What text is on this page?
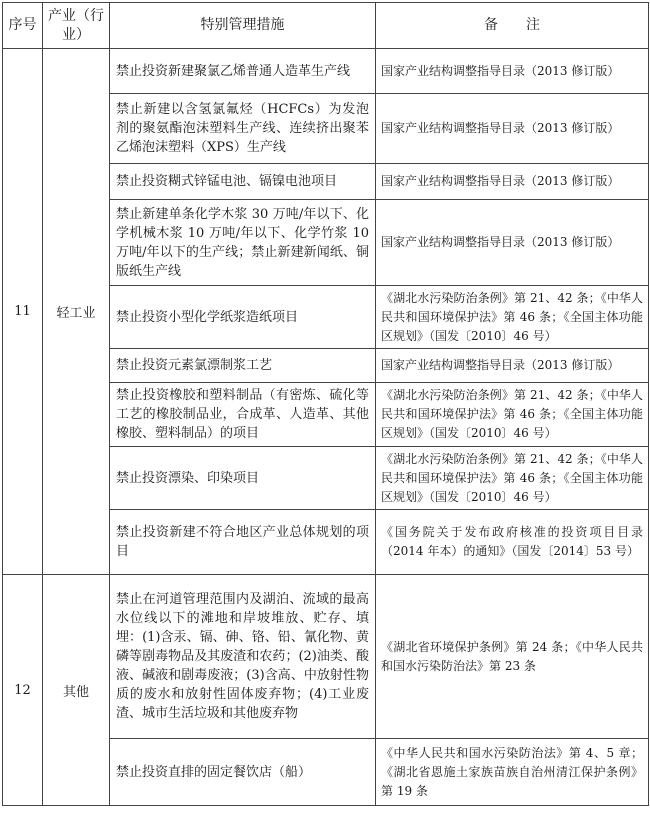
序号	产业（行业）	特别管理措施	备　　注
11	轻工业	禁止投资新建聚氯乙烯普通人造革生产线	国家产业结构调整指导目录（2013 修订版）
		禁止新建以含氢氯氟烃（HCFCs）为发泡剂的聚氨酯泡沫塑料生产线、连续挤出聚苯乙烯泡沫塑料（XPS）生产线	国家产业结构调整指导目录（2013 修订版）
		禁止投资糊式锌锰电池、镉镍电池项目	国家产业结构调整指导目录（2013 修订版）
		禁止新建单条化学木浆 30 万吨/年以下、化学机械木浆 10 万吨/年以下、化学竹浆 10 万吨/年以下的生产线；禁止新建新闻纸、铜版纸生产线	国家产业结构调整指导目录（2013 修订版）
		禁止投资小型化学纸浆造纸项目	《湖北水污染防治条例》第 21、42 条；《中华人民共和国环境保护法》第 46 条；《全国主体功能区规划》（国发〔2010〕46 号）
		禁止投资元素氯漂制浆工艺	国家产业结构调整指导目录（2013 修订版）
		禁止投资橡胶和塑料制品（有密炼、硫化等工艺的橡胶制品业，合成革、人造革、其他橡胶、塑料制品）的项目	《湖北水污染防治条例》第 21、42 条；《中华人民共和国环境保护法》第 46 条；《全国主体功能区规划》（国发〔2010〕46 号）
		禁止投资漂染、印染项目	《湖北水污染防治条例》第 21、42 条；《中华人民共和国环境保护法》第 46 条；《全国主体功能区规划》（国发〔2010〕46 号）
		禁止投资新建不符合地区产业总体规划的项目	《国务院关于发布政府核准的投资项目目录（2014 年本）的通知》（国发〔2014〕53 号）
12	其他	禁止在河道管理范围内及湖泊、流域的最高水位线以下的滩地和岸坡堆放、贮存、填埋：(1)含汞、镉、砷、铬、铅、氰化物、黄磷等剧毒物品及其废渣和农药；(2)油类、酸液、碱液和剧毒废液；(3)含高、中放射性物质的废水和放射性固体废弃物；(4)工业废渣、城市生活垃圾和其他废弃物	《湖北省环境保护条例》第 24 条；《中华人民共和国水污染防治法》第 23 条
		禁止投资直排的固定餐饮店（船）	《中华人民共和国水污染防治法》第 4、5 章；《湖北省恩施土家族苗族自治州清江保护条例》第 19 条
